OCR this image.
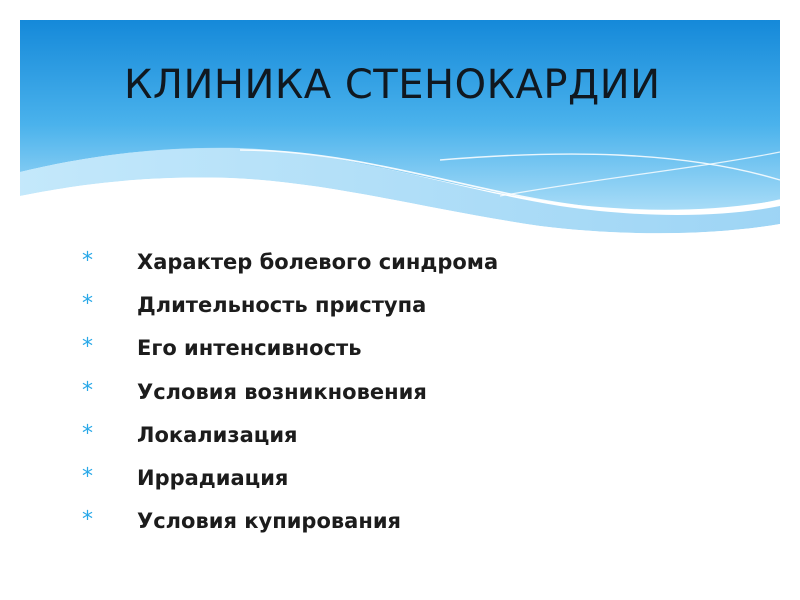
КЛИНИКА СТЕНОКАРДИИ
* Характер болевого синдрома
* Длительность приступа
* Его интенсивность
* Условия возникновения
* Локализация
* Иррадиация
* Условия купирования
